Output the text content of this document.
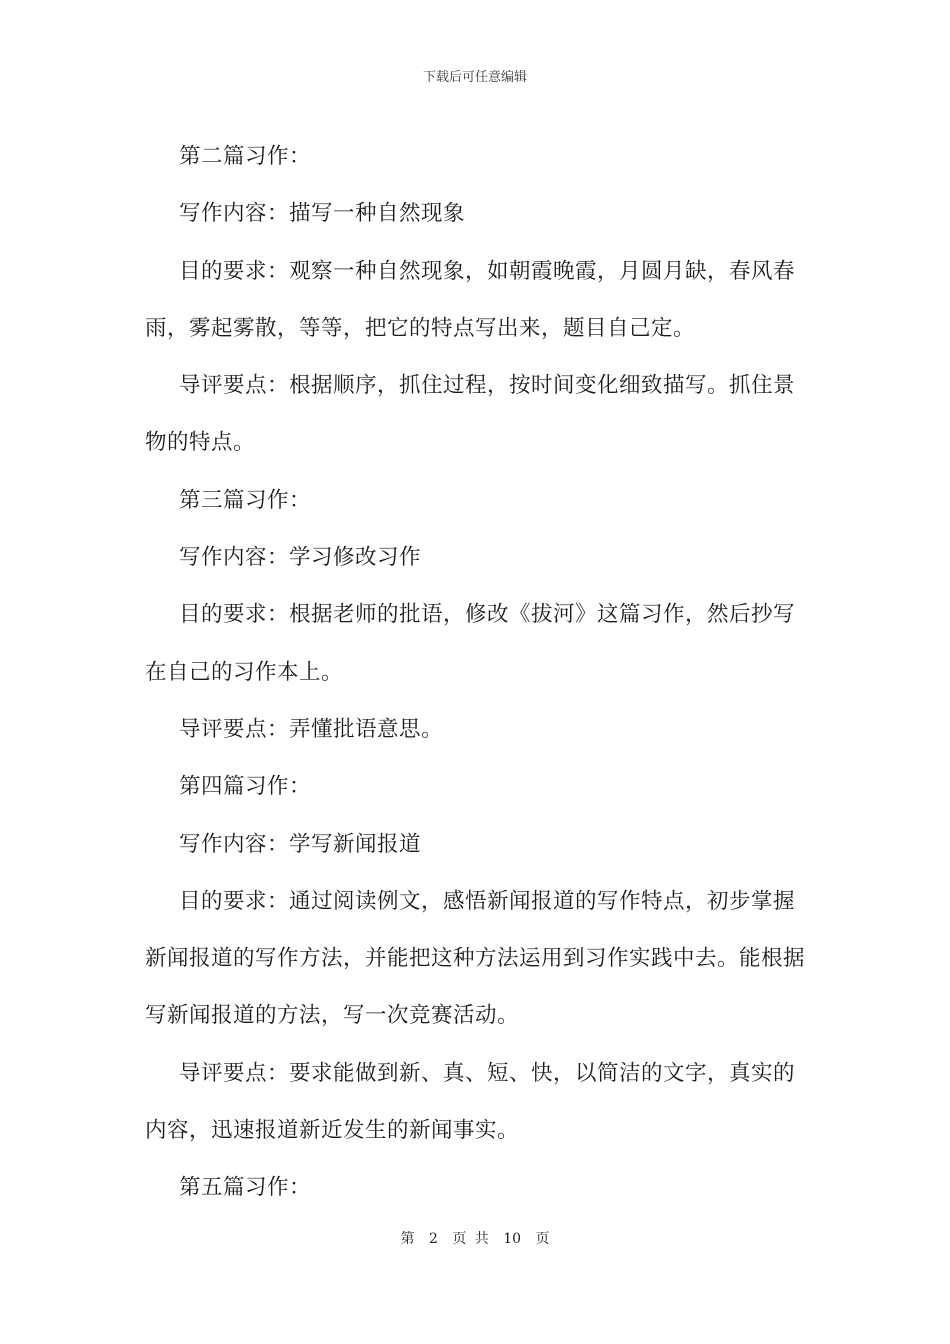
下载后可任意编辑

第二篇习作：

写作内容：描写一种自然现象

目的要求：观察一种自然现象，如朝霞晚霞，月圆月缺，春风春雨，雾起雾散，等等，把它的特点写出来，题目自己定。

导评要点：根据顺序，抓住过程，按时间变化细致描写。抓住景物的特点。

第三篇习作：

写作内容：学习修改习作

目的要求：根据老师的批语，修改《拔河》这篇习作，然后抄写在自己的习作本上。

导评要点：弄懂批语意思。

第四篇习作：

写作内容：学写新闻报道

目的要求：通过阅读例文，感悟新闻报道的写作特点，初步掌握新闻报道的写作方法，并能把这种方法运用到习作实践中去。能根据写新闻报道的方法，写一次竞赛活动。

导评要点：要求能做到新、真、短、快，以简洁的文字，真实的内容，迅速报道新近发生的新闻事实。

第五篇习作：

第 2 页 共 10 页
